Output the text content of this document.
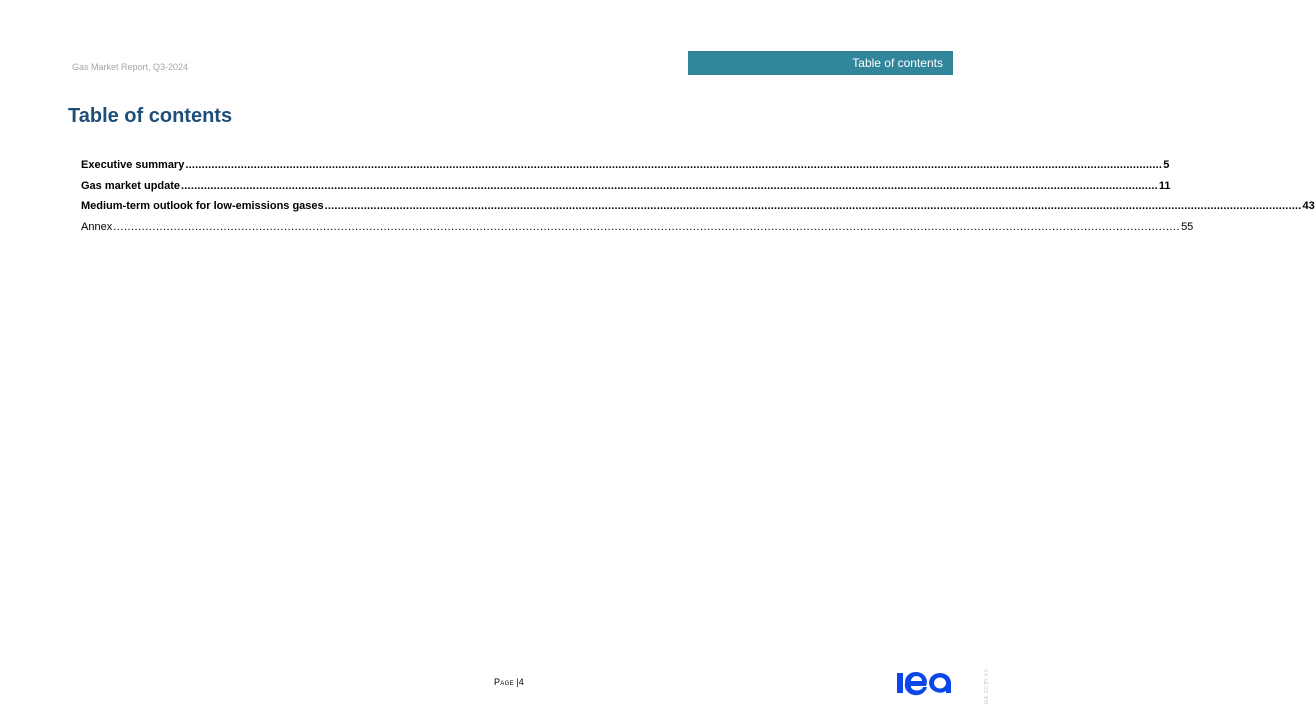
Gas Market Report, Q3-2024	Table of contents
Table of contents
Executive summary ............................................................................................................................................................................................................................................................................................................ 5
Gas market update ............................................................................................................................................................................................................................................................................................................ 11
Medium-term outlook for low-emissions gases ............................................................................................................................................................................................................................................................................................................ 43
Annex ............................................................................................................................................................................................................................................................................................................ 55
Page |4	IEA. CC BY 4.0.
